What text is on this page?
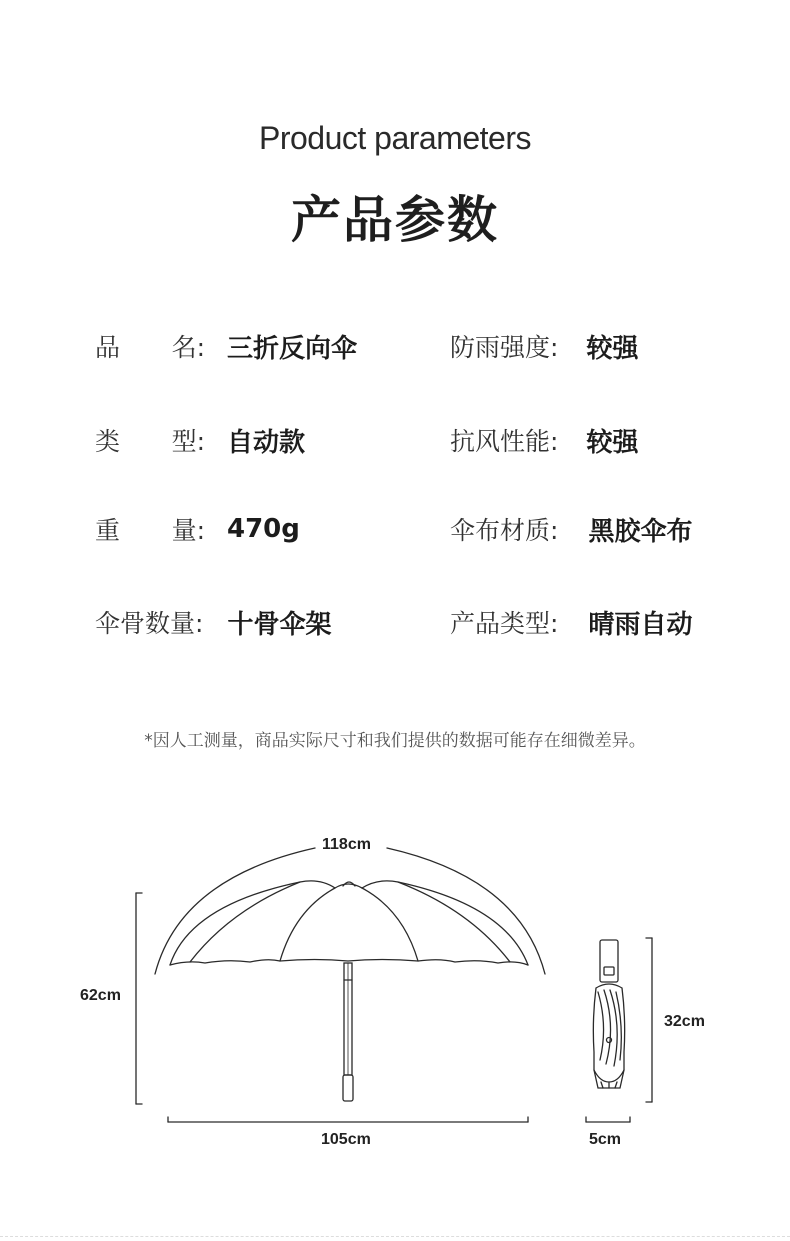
Product parameters
产品参数
品 名: 三折反向伞	防雨强度: 较强
类 型: 自动款	抗风性能: 较强
重 量: 470g	伞布材质: 黑胶伞布
伞骨数量: 十骨伞架	产品类型: 晴雨自动
*因人工测量，商品实际尺寸和我们提供的数据可能存在细微差异。
118cm
62cm
105cm
32cm
5cm
